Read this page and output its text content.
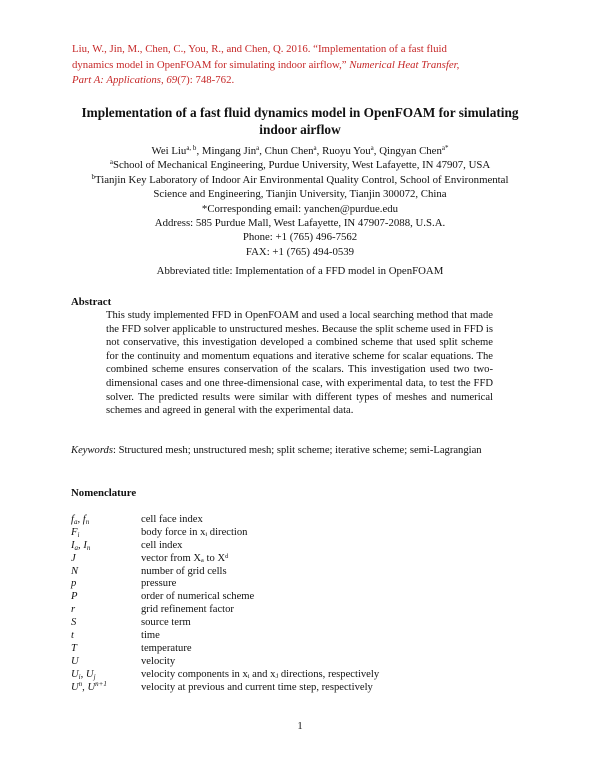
Liu, W., Jin, M., Chen, C., You, R., and Chen, Q. 2016. “Implementation of a fast fluid
dynamics model in OpenFOAM for simulating indoor airflow,” Numerical Heat Transfer,
Part A: Applications, 69(7): 748-762.
Implementation of a fast fluid dynamics model in OpenFOAM for simulating indoor airflow
Wei Liu$^{a, b}$, Mingang Jin$^a$, Chun Chen$^a$, Ruoyu You$^a$, Qingyan Chen$^{a*}$
$^a$School of Mechanical Engineering, Purdue University, West Lafayette, IN 47907, USA
$^b$Tianjin Key Laboratory of Indoor Air Environmental Quality Control, School of Environmental
Science and Engineering, Tianjin University, Tianjin 300072, China
*Corresponding email: yanchen@purdue.edu
Address: 585 Purdue Mall, West Lafayette, IN 47907-2088, U.S.A.
Phone: +1 (765) 496-7562
FAX: +1 (765) 494-0539
Abbreviated title: Implementation of a FFD model in OpenFOAM
Abstract
This study implemented FFD in OpenFOAM and used a local searching method that made the FFD solver applicable to unstructured meshes. Because the split scheme used in FFD is not conservative, this investigation developed a combined scheme that used split scheme for the continuity and momentum equations and iterative scheme for scalar equations. The combined scheme ensures conservation of the scalars. This investigation used two two-dimensional cases and one three-dimensional case, with experimental data, to test the FFD solver. The predicted results were similar with different types of meshes and numerical schemes and agreed in general with the experimental data.
Keywords: Structured mesh; unstructured mesh; split scheme; iterative scheme; semi-Lagrangian
Nomenclature
$f_a$, $f_n$	cell face index
$F_i$	body force in xᵢ direction
$I_a$, $I_n$	cell index
J	vector from Xₐ to Xᵈ
N	number of grid cells
p	pressure
P	order of numerical scheme
r	grid refinement factor
S	source term
t	time
T	temperature
U	velocity
$U_i$, $U_j$	velocity components in xᵢ and xⱼ directions, respectively
$U^n$, $U^{n+1}$	velocity at previous and current time step, respectively
1
